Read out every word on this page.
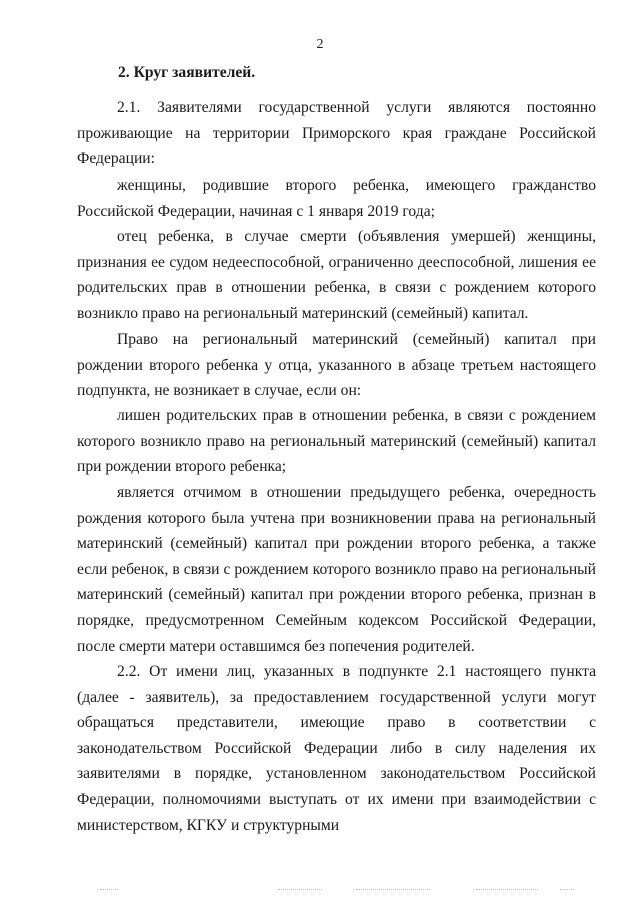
2
2. Круг заявителей.

2.1. Заявителями государственной услуги являются постоянно проживающие на территории Приморского края граждане Российской Федерации:

женщины, родившие второго ребенка, имеющего гражданство Российской Федерации, начиная с 1 января 2019 года;

отец ребенка, в случае смерти (объявления умершей) женщины, признания ее судом недееспособной, ограниченно дееспособной, лишения ее родительских прав в отношении ребенка, в связи с рождением которого возникло право на региональный материнский (семейный) капитал.

Право на региональный материнский (семейный) капитал при рождении второго ребенка у отца, указанного в абзаце третьем настоящего подпункта, не возникает в случае, если он:

лишен родительских прав в отношении ребенка, в связи с рождением которого возникло право на региональный материнский (семейный) капитал при рождении второго ребенка;

является отчимом в отношении предыдущего ребенка, очередность рождения которого была учтена при возникновении права на региональный материнский (семейный) капитал при рождении второго ребенка, а также если ребенок, в связи с рождением которого возникло право на региональный материнский (семейный) капитал при рождении второго ребенка, признан в порядке, предусмотренном Семейным кодексом Российской Федерации, после смерти матери оставшимся без попечения родителей.

2.2. От имени лиц, указанных в подпункте 2.1 настоящего пункта (далее - заявитель), за предоставлением государственной услуги могут обращаться представители, имеющие право в соответствии с законодательством Российской Федерации либо в силу наделения их заявителями в порядке, установленном законодательством Российской Федерации, полномочиями выступать от их имени при взаимодействии с министерством, КГКУ и структурными
